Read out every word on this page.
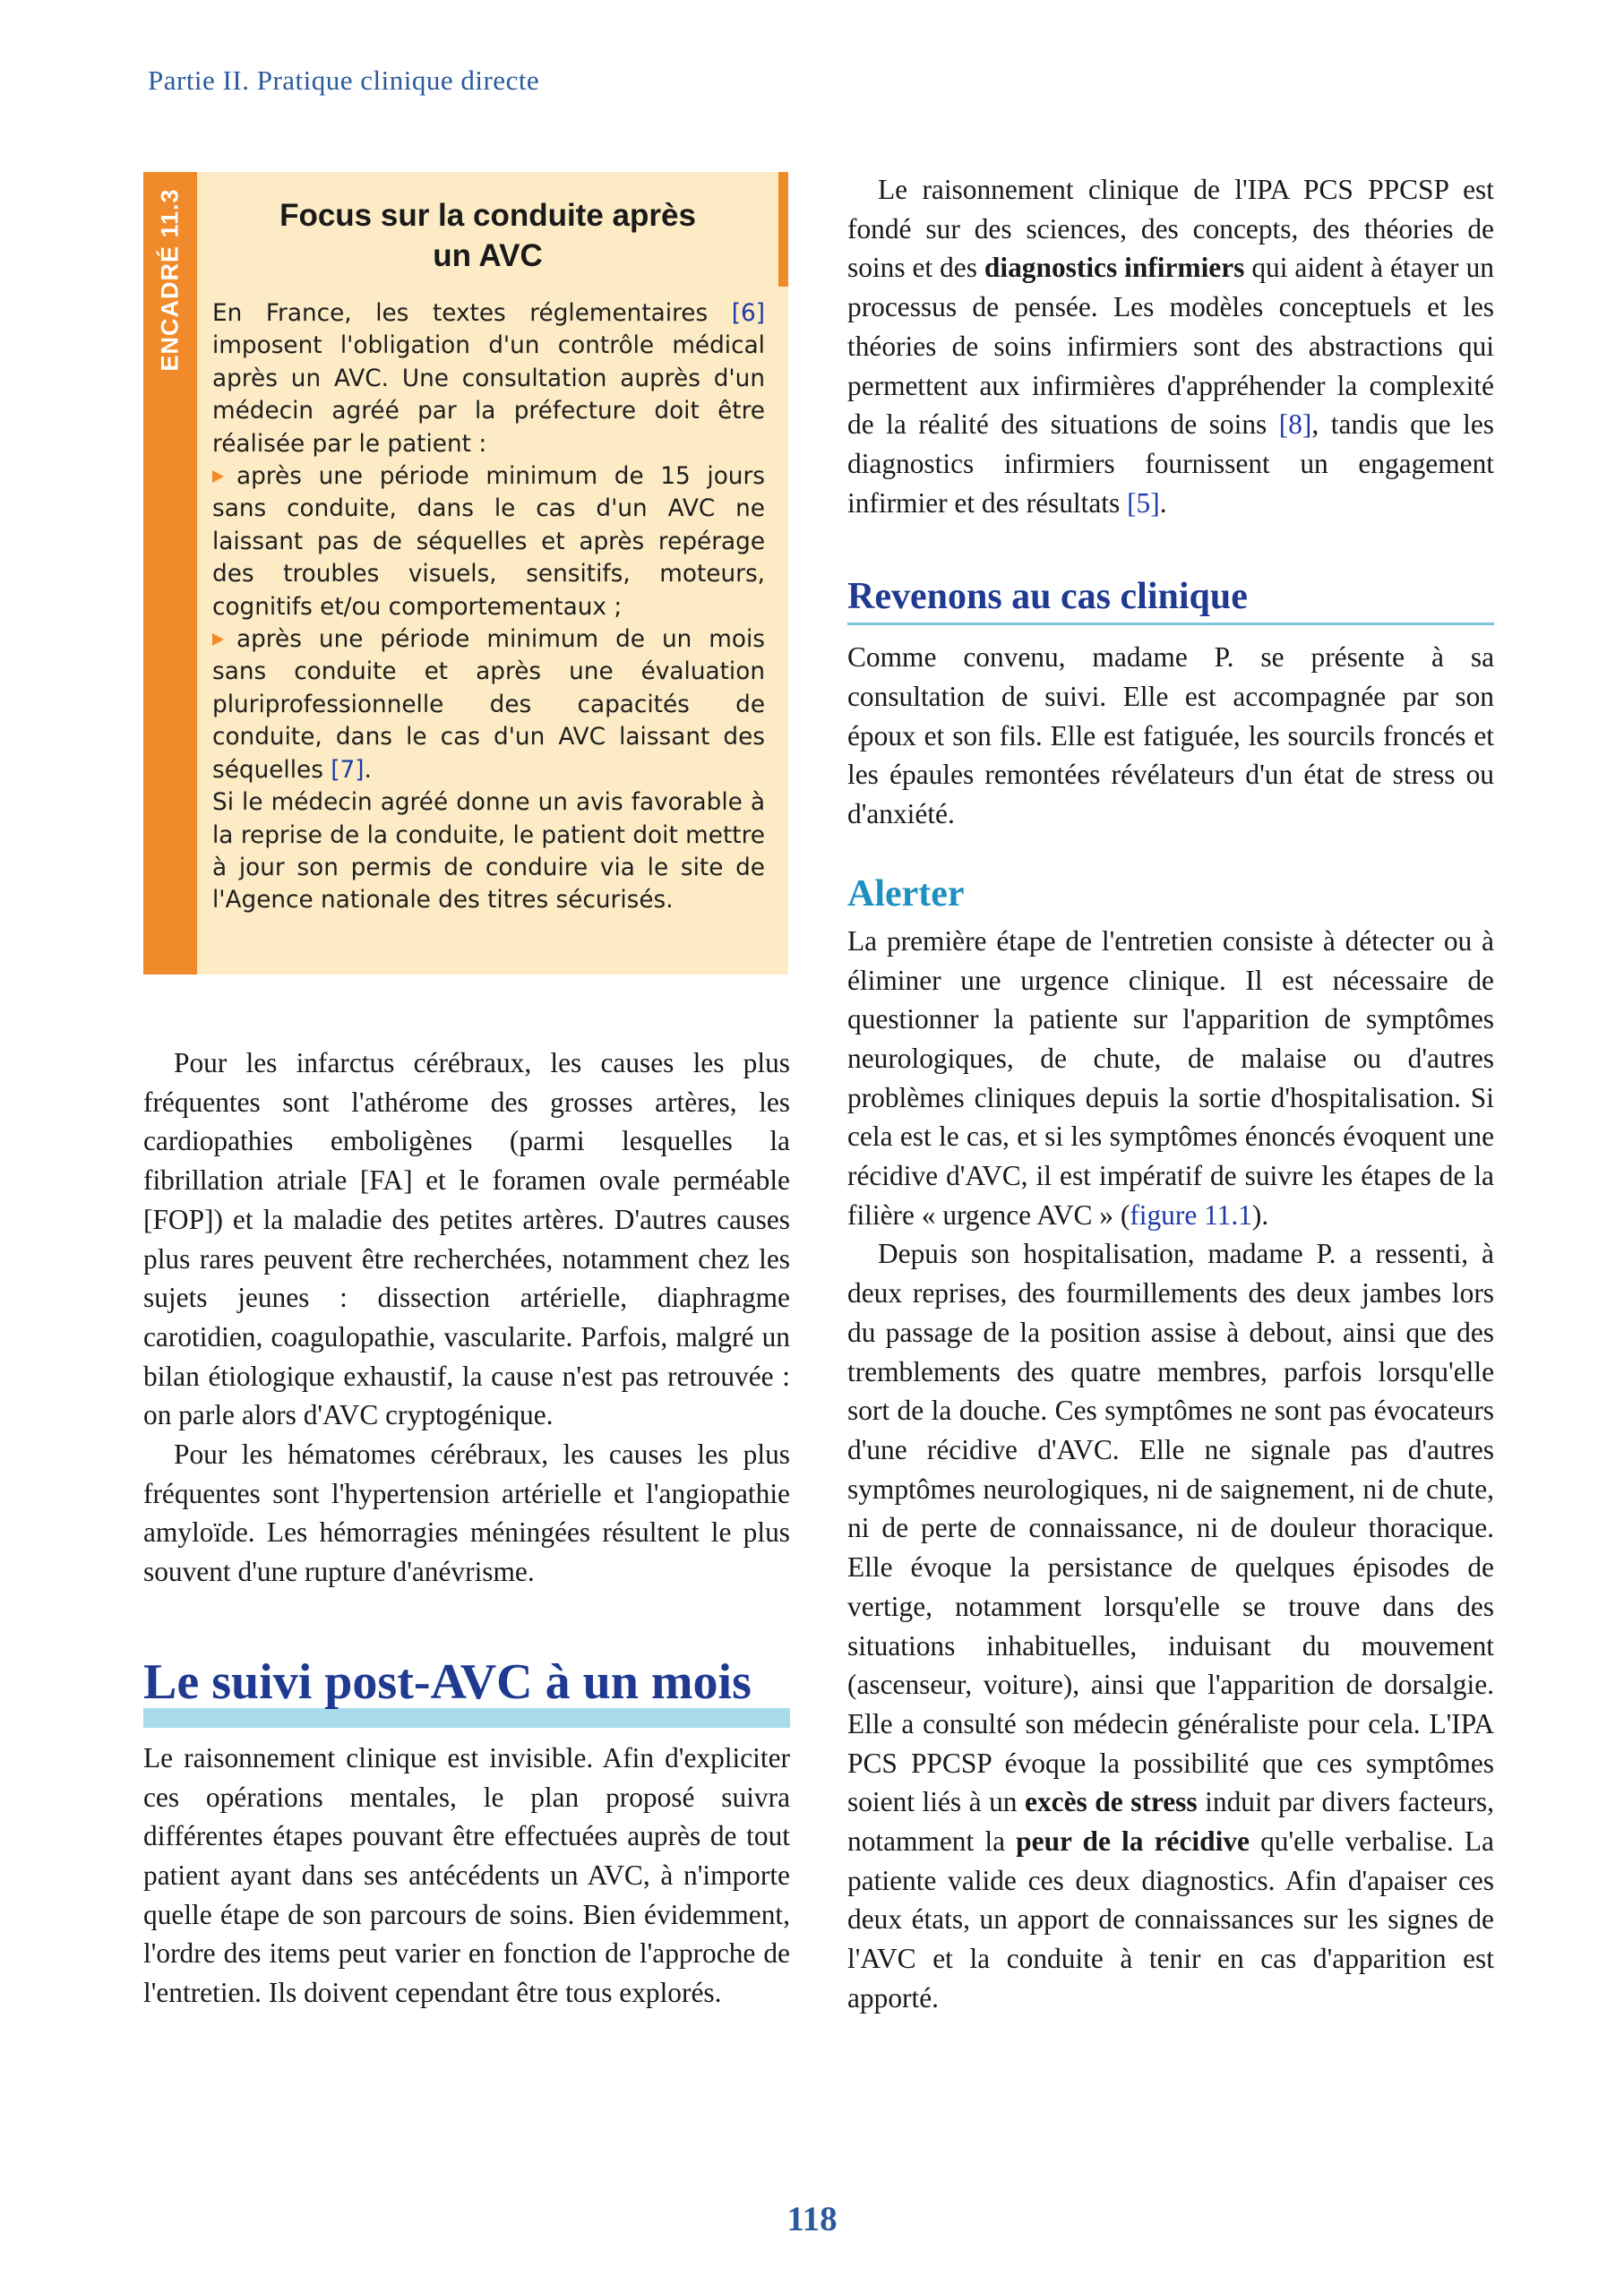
Partie II. Pratique clinique directe
ENCADRÉ 11.3	Focus sur la conduite après
un AVC
En France, les textes réglementaires [6] imposent l'obligation d'un contrôle médical après un AVC. Une consultation auprès d'un médecin agréé par la préfecture doit être réalisée par le patient :
après une période minimum de 15 jours sans conduite, dans le cas d'un AVC ne laissant pas de séquelles et après repérage des troubles visuels, sensitifs, moteurs, cognitifs et/ou comportementaux ;
après une période minimum de un mois sans conduite et après une évaluation pluriprofessionnelle des capacités de conduite, dans le cas d'un AVC laissant des séquelles [7].
Si le médecin agréé donne un avis favorable à la reprise de la conduite, le patient doit mettre à jour son permis de conduire via le site de l'Agence nationale des titres sécurisés.

Pour les infarctus cérébraux, les causes les plus fréquentes sont l'athérome des grosses artères, les cardiopathies emboligènes (parmi lesquelles la fibrillation atriale [FA] et le foramen ovale perméable [FOP]) et la maladie des petites artères. D'autres causes plus rares peuvent être recherchées, notamment chez les sujets jeunes : dissection artérielle, diaphragme carotidien, coagulopathie, vascularite. Parfois, malgré un bilan étiologique exhaustif, la cause n'est pas retrouvée : on parle alors d'AVC cryptogénique.

Pour les hématomes cérébraux, les causes les plus fréquentes sont l'hypertension artérielle et l'angiopathie amyloïde. Les hémorragies méningées résultent le plus souvent d'une rupture d'anévrisme.

Le suivi post-AVC à un mois

Le raisonnement clinique est invisible. Afin d'expliciter ces opérations mentales, le plan proposé suivra différentes étapes pouvant être effectuées auprès de tout patient ayant dans ses antécédents un AVC, à n'importe quelle étape de son parcours de soins. Bien évidemment, l'ordre des items peut varier en fonction de l'approche de l'entretien. Ils doivent cependant être tous explorés.

Le raisonnement clinique de l'IPA PCS PPCSP est fondé sur des sciences, des concepts, des théories de soins et des diagnostics infirmiers qui aident à étayer un processus de pensée. Les modèles conceptuels et les théories de soins infirmiers sont des abstractions qui permettent aux infirmières d'appréhender la complexité de la réalité des situations de soins [8], tandis que les diagnostics infirmiers fournissent un engagement infirmier et des résultats [5].

Revenons au cas clinique

Comme convenu, madame P. se présente à sa consultation de suivi. Elle est accompagnée par son époux et son fils. Elle est fatiguée, les sourcils froncés et les épaules remontées révélateurs d'un état de stress ou d'anxiété.

Alerter

La première étape de l'entretien consiste à détecter ou à éliminer une urgence clinique. Il est nécessaire de questionner la patiente sur l'apparition de symptômes neurologiques, de chute, de malaise ou d'autres problèmes cliniques depuis la sortie d'hospitalisation. Si cela est le cas, et si les symptômes énoncés évoquent une récidive d'AVC, il est impératif de suivre les étapes de la filière « urgence AVC » (figure 11.1).

Depuis son hospitalisation, madame P. a ressenti, à deux reprises, des fourmillements des deux jambes lors du passage de la position assise à debout, ainsi que des tremblements des quatre membres, parfois lorsqu'elle sort de la douche. Ces symptômes ne sont pas évocateurs d'une récidive d'AVC. Elle ne signale pas d'autres symptômes neurologiques, ni de saignement, ni de chute, ni de perte de connaissance, ni de douleur thoracique. Elle évoque la persistance de quelques épisodes de vertige, notamment lorsqu'elle se trouve dans des situations inhabituelles, induisant du mouvement (ascenseur, voiture), ainsi que l'apparition de dorsalgie. Elle a consulté son médecin généraliste pour cela. L'IPA PCS PPCSP évoque la possibilité que ces symptômes soient liés à un excès de stress induit par divers facteurs, notamment la peur de la récidive qu'elle verbalise. La patiente valide ces deux diagnostics. Afin d'apaiser ces deux états, un apport de connaissances sur les signes de l'AVC et la conduite à tenir en cas d'apparition est apporté.

118
